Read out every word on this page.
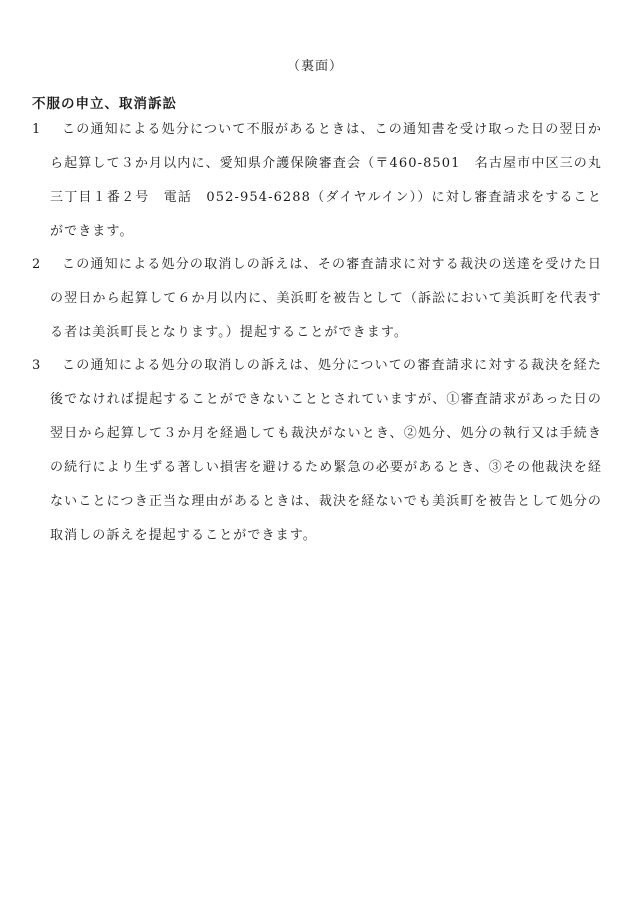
（裏面）
不服の申立、取消訴訟
1	この通知による処分について不服があるときは、この通知書を受け取った日の翌日から起算して３か月以内に、愛知県介護保険審査会（〒460-8501　名古屋市中区三の丸三丁目１番２号　電話　052-954-6288（ダイヤルイン））に対し審査請求をすることができます。
2	この通知による処分の取消しの訴えは、その審査請求に対する裁決の送達を受けた日の翌日から起算して６か月以内に、美浜町を被告として（訴訟において美浜町を代表する者は美浜町長となります。）提起することができます。
3	この通知による処分の取消しの訴えは、処分についての審査請求に対する裁決を経た後でなければ提起することができないこととされていますが、①審査請求があった日の翌日から起算して３か月を経過しても裁決がないとき、②処分、処分の執行又は手続きの続行により生ずる著しい損害を避けるため緊急の必要があるとき、③その他裁決を経ないことにつき正当な理由があるときは、裁決を経ないでも美浜町を被告として処分の取消しの訴えを提起することができます。
